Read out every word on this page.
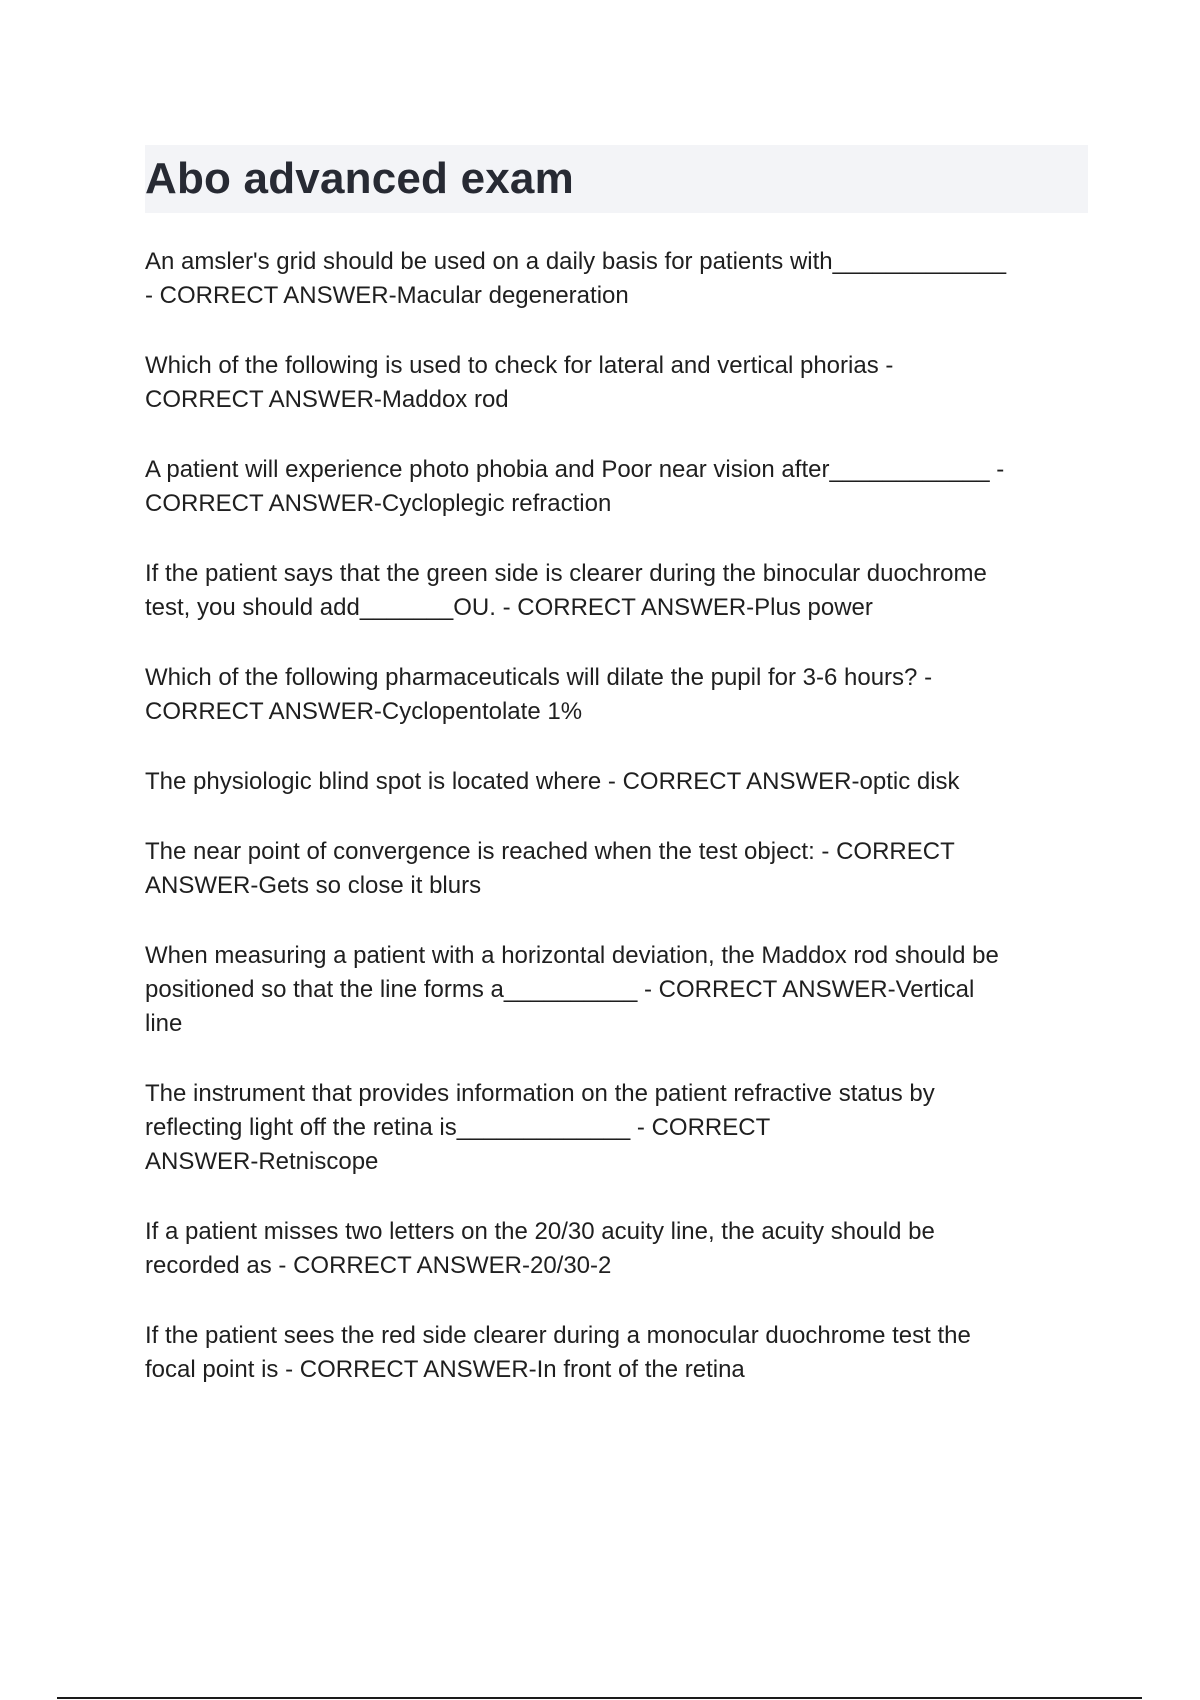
Abo advanced exam

An amsler's grid should be used on a daily basis for patients with_____________
- CORRECT ANSWER-Macular degeneration

Which of the following is used to check for lateral and vertical phorias -
CORRECT ANSWER-Maddox rod

A patient will experience photo phobia and Poor near vision after____________ -
CORRECT ANSWER-Cycloplegic refraction

If the patient says that the green side is clearer during the binocular duochrome
test, you should add_______OU. - CORRECT ANSWER-Plus power

Which of the following pharmaceuticals will dilate the pupil for 3-6 hours? -
CORRECT ANSWER-Cyclopentolate 1%

The physiologic blind spot is located where - CORRECT ANSWER-optic disk

The near point of convergence is reached when the test object: - CORRECT
ANSWER-Gets so close it blurs

When measuring a patient with a horizontal deviation, the Maddox rod should be
positioned so that the line forms a__________ - CORRECT ANSWER-Vertical
line

The instrument that provides information on the patient refractive status by
reflecting light off the retina is_____________ - CORRECT
ANSWER-Retniscope

If a patient misses two letters on the 20/30 acuity line, the acuity should be
recorded as - CORRECT ANSWER-20/30-2

If the patient sees the red side clearer during a monocular duochrome test the
focal point is - CORRECT ANSWER-In front of the retina
